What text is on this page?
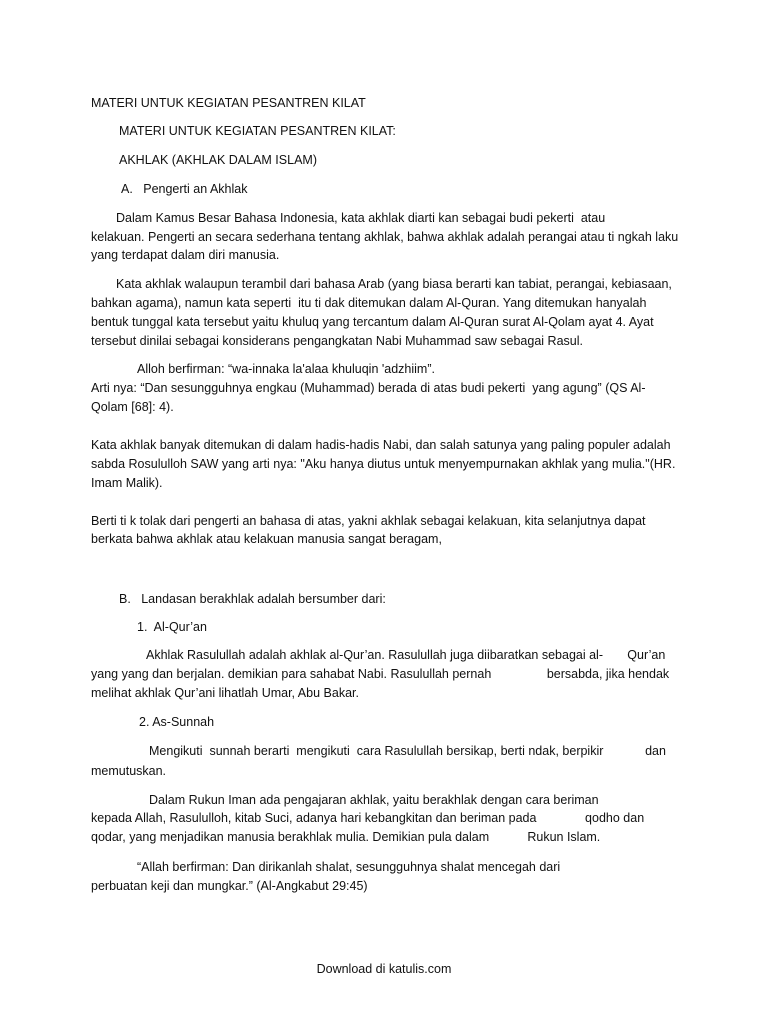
MATERI UNTUK KEGIATAN PESANTREN KILAT
MATERI UNTUK KEGIATAN PESANTREN KILAT:
AKHLAK (AKHLAK DALAM ISLAM)
A.   Pengerti an Akhlak
Dalam Kamus Besar Bahasa Indonesia, kata akhlak diarti kan sebagai budi pekerti  atau
kelakuan. Pengerti an secara sederhana tentang akhlak, bahwa akhlak adalah perangai atau ti ngkah laku
yang terdapat dalam diri manusia.
Kata akhlak walaupun terambil dari bahasa Arab (yang biasa berarti kan tabiat, perangai, kebiasaan,
bahkan agama), namun kata seperti  itu ti dak ditemukan dalam Al-Quran. Yang ditemukan hanyalah
bentuk tunggal kata tersebut yaitu khuluq yang tercantum dalam Al-Quran surat Al-Qolam ayat 4. Ayat
tersebut dinilai sebagai konsiderans pengangkatan Nabi Muhammad saw sebagai Rasul.
Alloh berfirman: “wa-innaka la'alaa khuluqin 'adzhiim”.
Arti nya: “Dan sesungguhnya engkau (Muhammad) berada di atas budi pekerti  yang agung” (QS Al-
Qolam [68]: 4).
Kata akhlak banyak ditemukan di dalam hadis-hadis Nabi, dan salah satunya yang paling populer adalah
sabda Rosululloh SAW yang arti nya: "Aku hanya diutus untuk menyempurnakan akhlak yang mulia."(HR.
Imam Malik).
Berti ti k tolak dari pengerti an bahasa di atas, yakni akhlak sebagai kelakuan, kita selanjutnya dapat
berkata bahwa akhlak atau kelakuan manusia sangat beragam,
B.   Landasan berakhlak adalah bersumber dari:
1.  Al-Qur’an
Akhlak Rasulullah adalah akhlak al-Qur’an. Rasulullah juga diibaratkan sebagai al-       Qur’an
yang yang dan berjalan. demikian para sahabat Nabi. Rasulullah pernah                bersabda, jika hendak
melihat akhlak Qur’ani lihatlah Umar, Abu Bakar.
2. As-Sunnah
Mengikuti  sunnah berarti  mengikuti  cara Rasulullah bersikap, berti ndak, berpikir            dan
memutuskan.
Dalam Rukun Iman ada pengajaran akhlak, yaitu berakhlak dengan cara beriman
kepada Allah, Rasululloh, kitab Suci, adanya hari kebangkitan dan beriman pada              qodho dan
qodar, yang menjadikan manusia berakhlak mulia. Demikian pula dalam           Rukun Islam.
“Allah berfirman: Dan dirikanlah shalat, sesungguhnya shalat mencegah dari
perbuatan keji dan mungkar.” (Al-Angkabut 29:45)
Download di katulis.com
